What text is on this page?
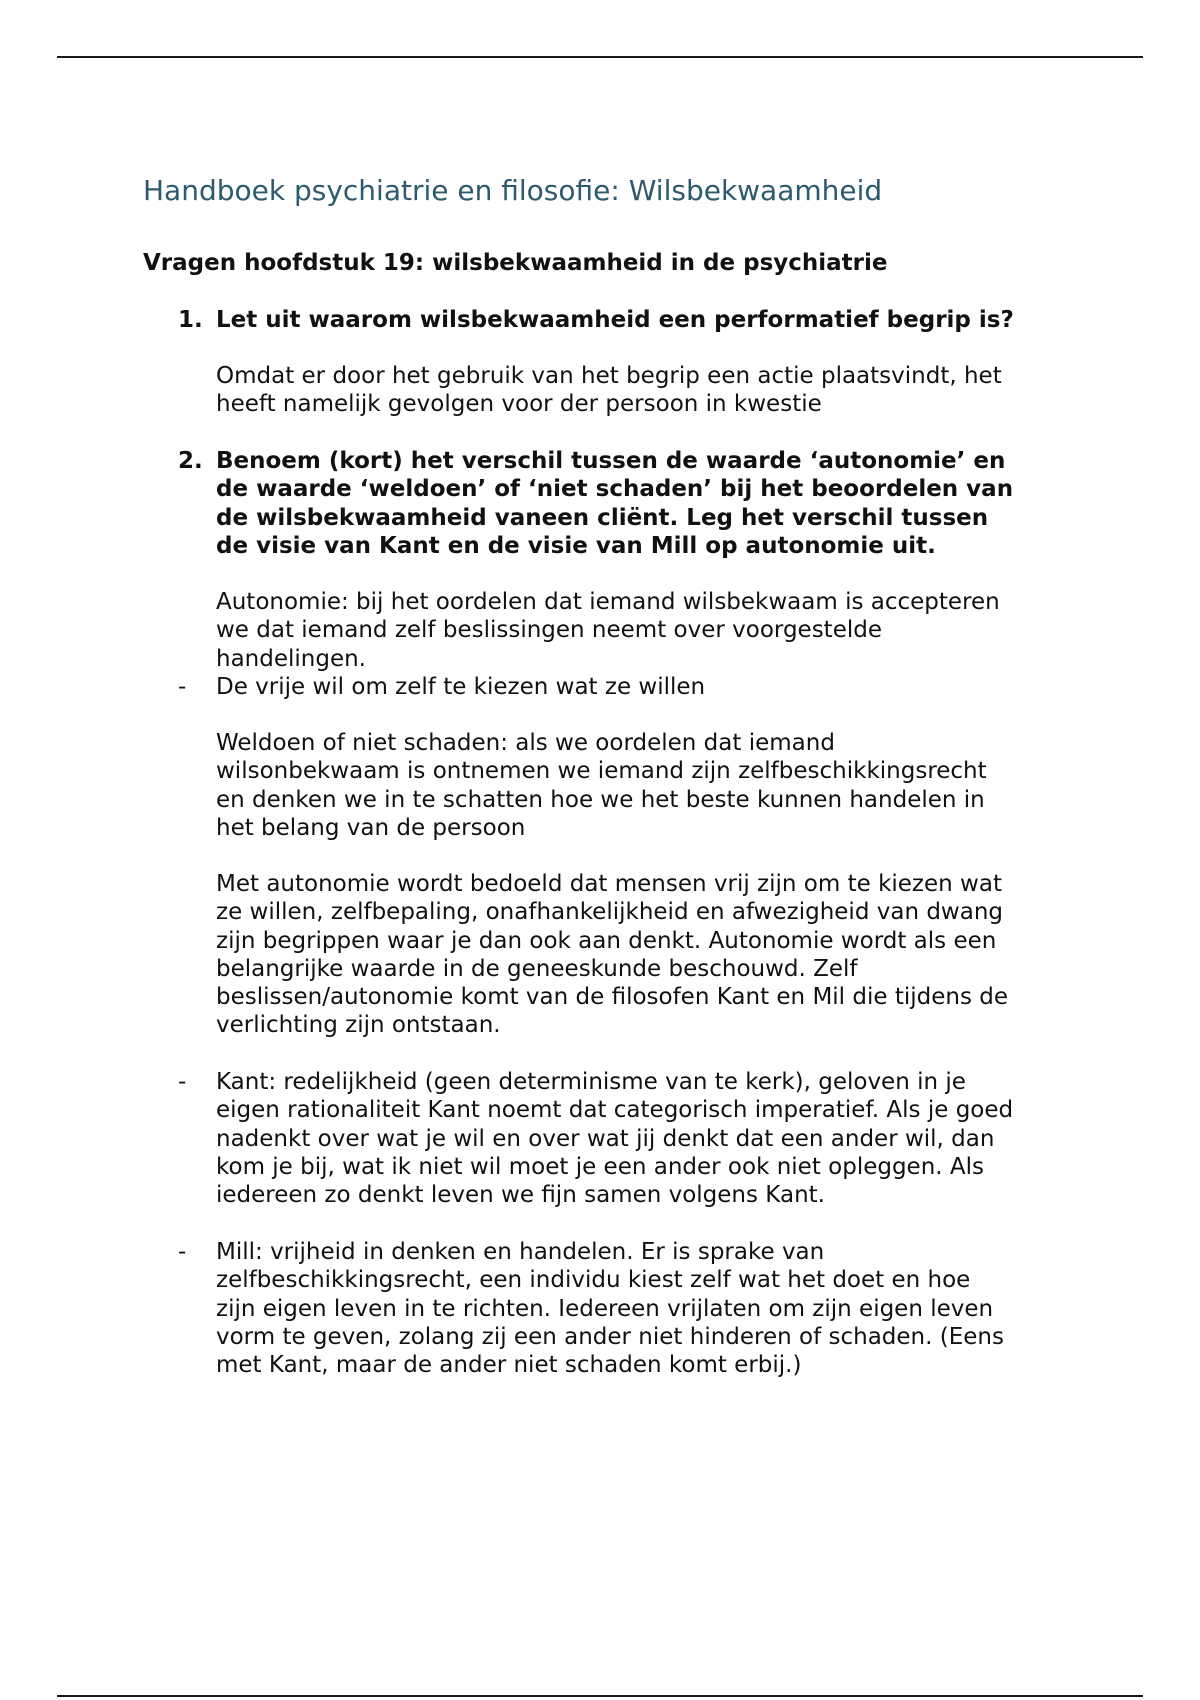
Handboek psychiatrie en filosofie: Wilsbekwaamheid
Vragen hoofdstuk 19: wilsbekwaamheid in de psychiatrie
1. Let uit waarom wilsbekwaamheid een performatief begrip is?
Omdat er door het gebruik van het begrip een actie plaatsvindt, het
heeft namelijk gevolgen voor der persoon in kwestie
2. Benoem (kort) het verschil tussen de waarde ‘autonomie’ en
de waarde ‘weldoen’ of ‘niet schaden’ bij het beoordelen van
de wilsbekwaamheid vaneen cliënt. Leg het verschil tussen
de visie van Kant en de visie van Mill op autonomie uit.
Autonomie: bij het oordelen dat iemand wilsbekwaam is accepteren
we dat iemand zelf beslissingen neemt over voorgestelde
handelingen.
- De vrije wil om zelf te kiezen wat ze willen
Weldoen of niet schaden: als we oordelen dat iemand
wilsonbekwaam is ontnemen we iemand zijn zelfbeschikkingsrecht
en denken we in te schatten hoe we het beste kunnen handelen in
het belang van de persoon
Met autonomie wordt bedoeld dat mensen vrij zijn om te kiezen wat
ze willen, zelfbepaling, onafhankelijkheid en afwezigheid van dwang
zijn begrippen waar je dan ook aan denkt. Autonomie wordt als een
belangrijke waarde in de geneeskunde beschouwd. Zelf
beslissen/autonomie komt van de filosofen Kant en Mil die tijdens de
verlichting zijn ontstaan.
- Kant: redelijkheid (geen determinisme van te kerk), geloven in je
eigen rationaliteit Kant noemt dat categorisch imperatief. Als je goed
nadenkt over wat je wil en over wat jij denkt dat een ander wil, dan
kom je bij, wat ik niet wil moet je een ander ook niet opleggen. Als
iedereen zo denkt leven we fijn samen volgens Kant.
- Mill: vrijheid in denken en handelen. Er is sprake van
zelfbeschikkingsrecht, een individu kiest zelf wat het doet en hoe
zijn eigen leven in te richten. Iedereen vrijlaten om zijn eigen leven
vorm te geven, zolang zij een ander niet hinderen of schaden. (Eens
met Kant, maar de ander niet schaden komt erbij.)
